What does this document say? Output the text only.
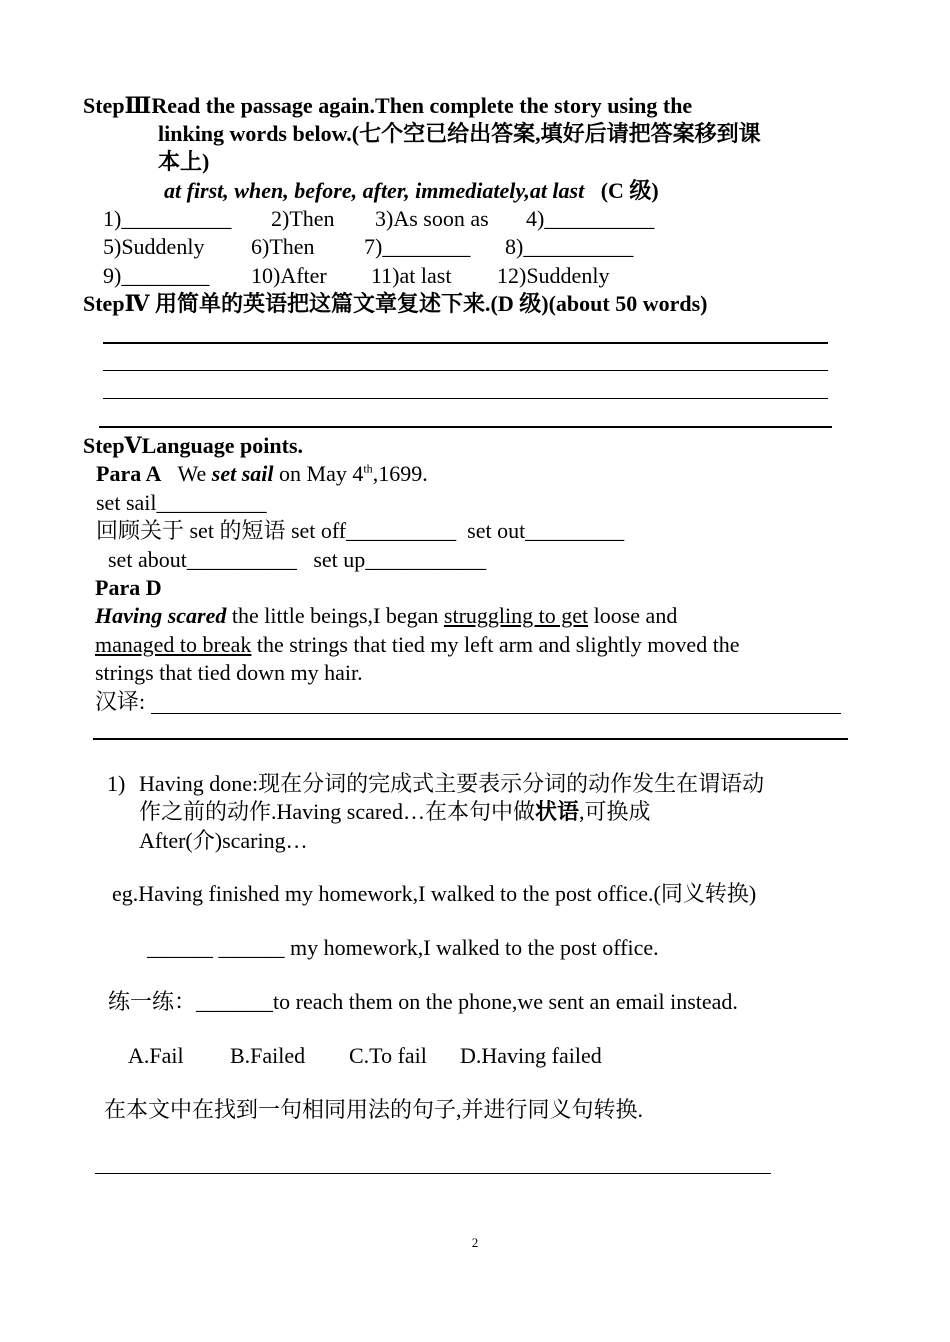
StepⅢRead the passage again.Then complete the story using the
linking words below.(七个空已给出答案,填好后请把答案移到课
本上)
at first, when, before, after, immediately,at last (C 级)
1)__________ 2)Then 3)As soon as 4)__________
5)Suddenly 6)Then 7)________ 8)__________
9)________ 10)After 11)at last 12)Suddenly
StepⅣ 用简单的英语把这篇文章复述下来.(D 级)(about 50 words)
StepⅤLanguage points.
Para A We set sail on May 4th,1699.
set sail__________
回顾关于 set 的短语 set off__________  set out_________
set about__________   set up___________
Para D
Having scared the little beings,I began struggling to get loose and
managed to break the strings that tied my left arm and slightly moved the
strings that tied down my hair.
汉译:
1) Having done:现在分词的完成式主要表示分词的动作发生在谓语动
作之前的动作.Having scared…在本句中做状语,可换成
After(介)scaring…
eg.Having finished my homework,I walked to the post office.(同义转换)
______ ______ my homework,I walked to the post office.
练一练：_______to reach them on the phone,we sent an email instead.
A.Fail B.Failed C.To fail D.Having failed
在本文中在找到一句相同用法的句子,并进行同义句转换.
2
